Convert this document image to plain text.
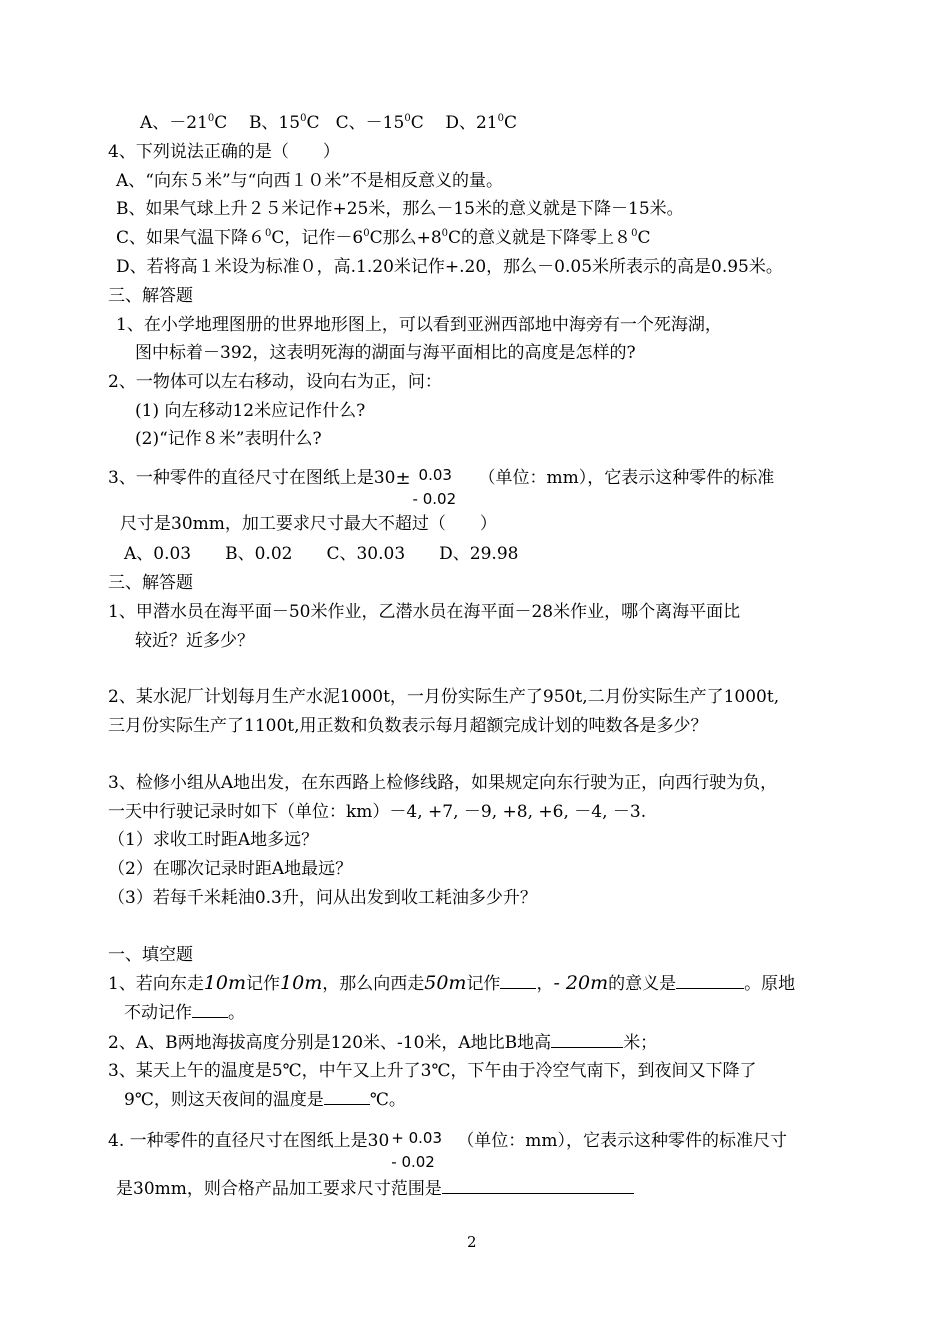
A、$-21^0C$ B、$15^0C$ C、$-15^0C$ D、$21^0C$
4、下列说法正确的是（　　）
A、“向东５米”与“向西１０米”不是相反意义的量。
B、如果气球上升２５米记作+25米，那么－15米的意义就是下降－15米。
C、如果气温下降$6^0C$，记作$-6^0C$那么$+8^0C$的意义就是下降零上$8^0C$
D、若将高１米设为标准０，高.1.20米记作+.20，那么－0.05米所表示的高是0.95米。
三、解答题
1、在小学地理图册的世界地形图上，可以看到亚洲西部地中海旁有一个死海湖，
图中标着－392，这表明死海的湖面与海平面相比的高度是怎样的?
2、一物体可以左右移动，设向右为正，问：
(1) 向左移动12米应记作什么?
(2)“记作８米”表明什么?
3、一种零件的直径尺寸在图纸上是30± 0.03
- 0.02
（单位：mm），它表示这种零件的标准
尺寸是30mm，加工要求尺寸最大不超过（　　）
A、0.03　　B、0.02　　C、30.03　　D、29.98
三、解答题
1、甲潜水员在海平面－50米作业，乙潜水员在海平面－28米作业，哪个离海平面比
较近？近多少？
2、某水泥厂计划每月生产水泥1000t，一月份实际生产了950t,二月份实际生产了1000t,
三月份实际生产了1100t,用正数和负数表示每月超额完成计划的吨数各是多少？
3、检修小组从A地出发，在东西路上检修线路，如果规定向东行驶为正，向西行驶为负，
一天中行驶记录时如下（单位：km）－4, +7, －9, +8, +6, －4, －3.
（1）求收工时距A地多远？
（2）在哪次记录时距A地最远？
（3）若每千米耗油0.3升，问从出发到收工耗油多少升？
一、填空题
1、若向东走10m记作10m，那么向西走50m记作 ，- 20m的意义是	。原地
不动记作 。
2、A、B两地海拔高度分别是120米、-10米，A地比B地高	米；
3、某天上午的温度是5℃，中午又上升了3℃，下午由于冷空气南下，到夜间又下降了
9℃，则这天夜间的温度是	℃。
4. 一种零件的直径尺寸在图纸上是30 + 0.03
- 0.02
（单位：mm），它表示这种零件的标准尺寸
是30mm，则合格产品加工要求尺寸范围是
2
